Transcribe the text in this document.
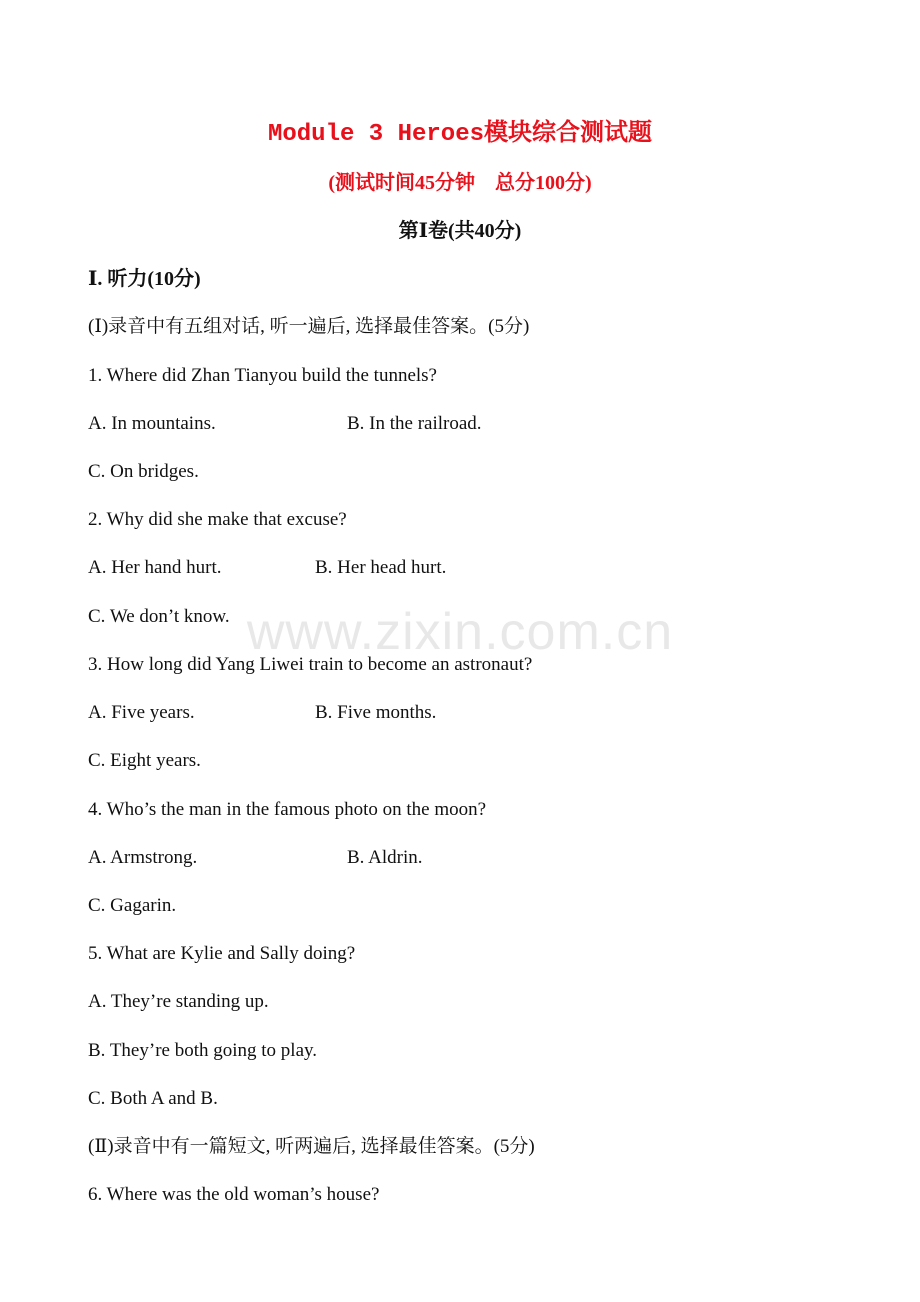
www.zixin.com.cn
Module 3 Heroes模块综合测试题
(测试时间45分钟　总分100分)
第Ⅰ卷(共40分)
Ⅰ. 听力(10分)
(Ⅰ)录音中有五组对话, 听一遍后, 选择最佳答案。(5分)
1. Where did Zhan Tianyou build the tunnels?
A. In mountains.	B. In the railroad.
C. On bridges.
2. Why did she make that excuse?
A. Her hand hurt.	B. Her head hurt.
C. We don’t know.
3. How long did Yang Liwei train to become an astronaut?
A. Five years.	B. Five months.
C. Eight years.
4. Who’s the man in the famous photo on the moon?
A. Armstrong.	B. Aldrin.
C. Gagarin.
5. What are Kylie and Sally doing?
A. They’re standing up.
B. They’re both going to play.
C. Both A and B.
(Ⅱ)录音中有一篇短文, 听两遍后, 选择最佳答案。(5分)
6. Where was the old woman’s house?
